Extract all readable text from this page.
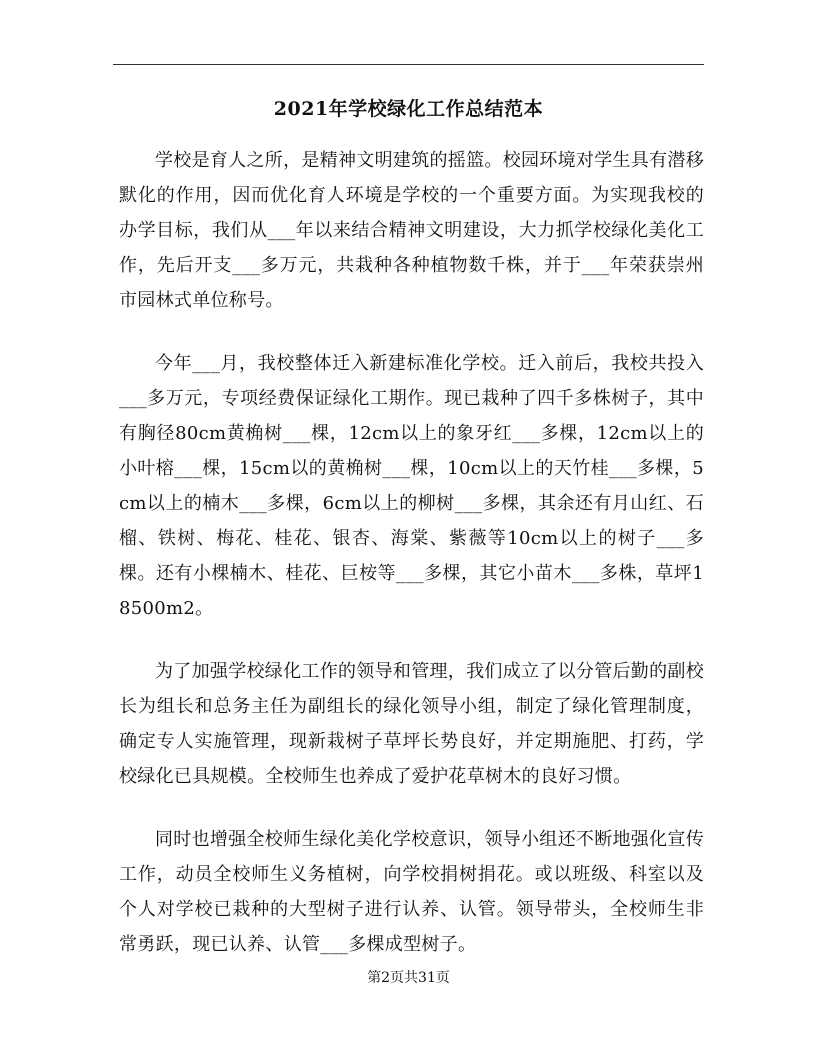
2021年学校绿化工作总结范本

学校是育人之所，是精神文明建筑的摇篮。校园环境对学生具有潜移默化的作用，因而优化育人环境是学校的一个重要方面。为实现我校的办学目标，我们从___年以来结合精神文明建设，大力抓学校绿化美化工作，先后开支___多万元，共栽种各种植物数千株，并于___年荣获崇州市园林式单位称号。

今年___月，我校整体迁入新建标准化学校。迁入前后，我校共投入___多万元，专项经费保证绿化工期作。现已栽种了四千多株树子，其中有胸径80cm黄桷树___棵，12cm以上的象牙红___多棵，12cm以上的小叶榕___棵，15cm以的黄桷树___棵，10cm以上的天竹桂___多棵，5cm以上的楠木___多棵，6cm以上的柳树___多棵，其余还有月山红、石榴、铁树、梅花、桂花、银杏、海棠、紫薇等10cm以上的树子___多棵。还有小棵楠木、桂花、巨桉等___多棵，其它小苗木___多株，草坪18500m2。

为了加强学校绿化工作的领导和管理，我们成立了以分管后勤的副校长为组长和总务主任为副组长的绿化领导小组，制定了绿化管理制度，确定专人实施管理，现新栽树子草坪长势良好，并定期施肥、打药，学校绿化已具规模。全校师生也养成了爱护花草树木的良好习惯。

同时也增强全校师生绿化美化学校意识，领导小组还不断地强化宣传工作，动员全校师生义务植树，向学校捐树捐花。或以班级、科室以及个人对学校已栽种的大型树子进行认养、认管。领导带头，全校师生非常勇跃，现已认养、认管___多棵成型树子。

第2页共31页
